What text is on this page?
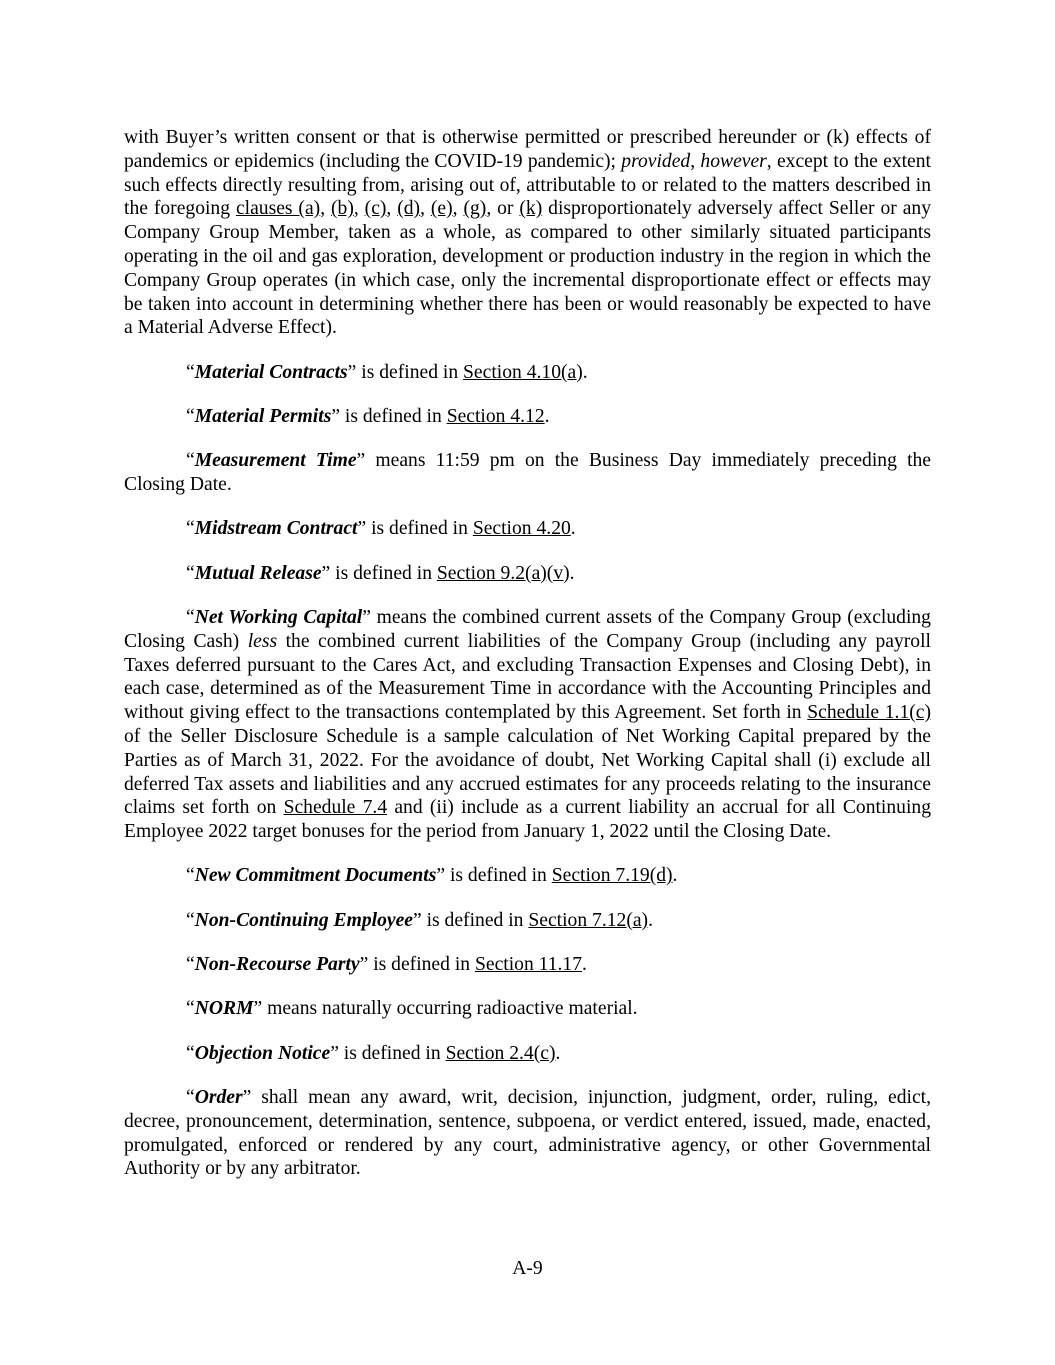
with Buyer’s written consent or that is otherwise permitted or prescribed hereunder or (k) effects of pandemics or epidemics (including the COVID-19 pandemic); provided, however, except to the extent such effects directly resulting from, arising out of, attributable to or related to the matters described in the foregoing clauses (a), (b), (c), (d), (e), (g), or (k) disproportionately adversely affect Seller or any Company Group Member, taken as a whole, as compared to other similarly situated participants operating in the oil and gas exploration, development or production industry in the region in which the Company Group operates (in which case, only the incremental disproportionate effect or effects may be taken into account in determining whether there has been or would reasonably be expected to have a Material Adverse Effect).

“Material Contracts” is defined in Section 4.10(a).

“Material Permits” is defined in Section 4.12.

“Measurement Time” means 11:59 pm on the Business Day immediately preceding the Closing Date.

“Midstream Contract” is defined in Section 4.20.

“Mutual Release” is defined in Section 9.2(a)(v).

“Net Working Capital” means the combined current assets of the Company Group (excluding Closing Cash) less the combined current liabilities of the Company Group (including any payroll Taxes deferred pursuant to the Cares Act, and excluding Transaction Expenses and Closing Debt), in each case, determined as of the Measurement Time in accordance with the Accounting Principles and without giving effect to the transactions contemplated by this Agreement. Set forth in Schedule 1.1(c) of the Seller Disclosure Schedule is a sample calculation of Net Working Capital prepared by the Parties as of March 31, 2022. For the avoidance of doubt, Net Working Capital shall (i) exclude all deferred Tax assets and liabilities and any accrued estimates for any proceeds relating to the insurance claims set forth on Schedule 7.4 and (ii) include as a current liability an accrual for all Continuing Employee 2022 target bonuses for the period from January 1, 2022 until the Closing Date.

“New Commitment Documents” is defined in Section 7.19(d).

“Non-Continuing Employee” is defined in Section 7.12(a).

“Non-Recourse Party” is defined in Section 11.17.

“NORM” means naturally occurring radioactive material.

“Objection Notice” is defined in Section 2.4(c).

“Order” shall mean any award, writ, decision, injunction, judgment, order, ruling, edict, decree, pronouncement, determination, sentence, subpoena, or verdict entered, issued, made, enacted, promulgated, enforced or rendered by any court, administrative agency, or other Governmental Authority or by any arbitrator.

A-9
